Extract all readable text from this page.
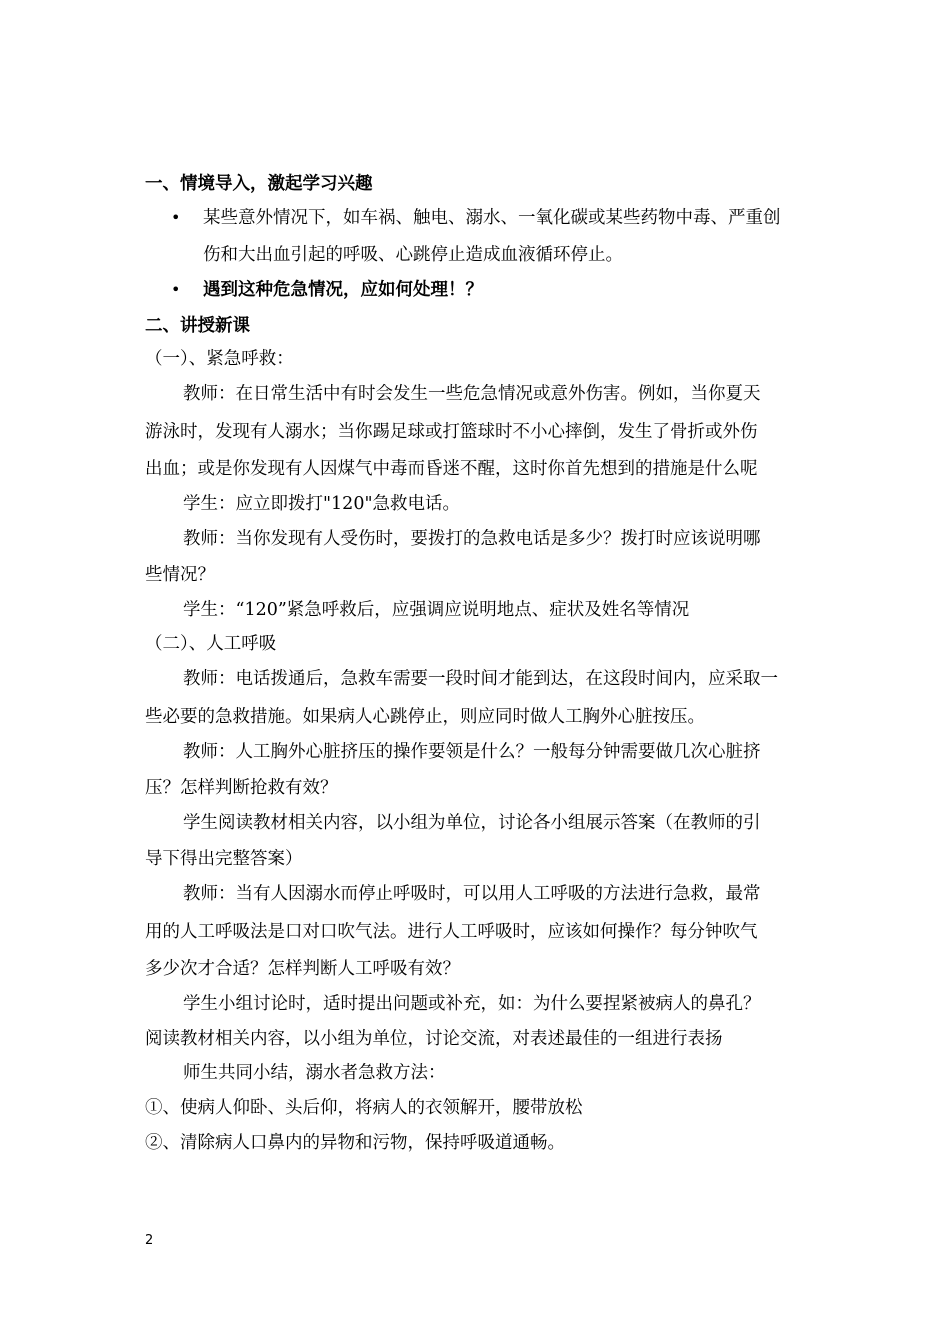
一、情境导入，激起学习兴趣
• 某些意外情况下，如车祸、触电、溺水、一氧化碳或某些药物中毒、严重创
伤和大出血引起的呼吸、心跳停止造成血液循环停止。
• 遇到这种危急情况，应如何处理！？
二、讲授新课
（一）、紧急呼救：
教师：在日常生活中有时会发生一些危急情况或意外伤害。例如，当你夏天
游泳时，发现有人溺水；当你踢足球或打篮球时不小心摔倒，发生了骨折或外伤
出血；或是你发现有人因煤气中毒而昏迷不醒，这时你首先想到的措施是什么呢
学生：应立即拨打"120"急救电话。
教师：当你发现有人受伤时，要拨打的急救电话是多少？拨打时应该说明哪
些情况？
学生：“120”紧急呼救后，应强调应说明地点、症状及姓名等情况
（二）、人工呼吸
教师：电话拨通后，急救车需要一段时间才能到达，在这段时间内，应采取一
些必要的急救措施。如果病人心跳停止，则应同时做人工胸外心脏按压。
教师：人工胸外心脏挤压的操作要领是什么？一般每分钟需要做几次心脏挤
压？怎样判断抢救有效？
学生阅读教材相关内容，以小组为单位，讨论各小组展示答案（在教师的引
导下得出完整答案）
教师：当有人因溺水而停止呼吸时，可以用人工呼吸的方法进行急救，最常
用的人工呼吸法是口对口吹气法。进行人工呼吸时，应该如何操作？每分钟吹气
多少次才合适？怎样判断人工呼吸有效？
学生小组讨论时，适时提出问题或补充，如：为什么要捏紧被病人的鼻孔？
阅读教材相关内容，以小组为单位，讨论交流，对表述最佳的一组进行表扬
师生共同小结，溺水者急救方法：
①、使病人仰卧、头后仰，将病人的衣领解开，腰带放松
②、清除病人口鼻内的异物和污物，保持呼吸道通畅。
2
